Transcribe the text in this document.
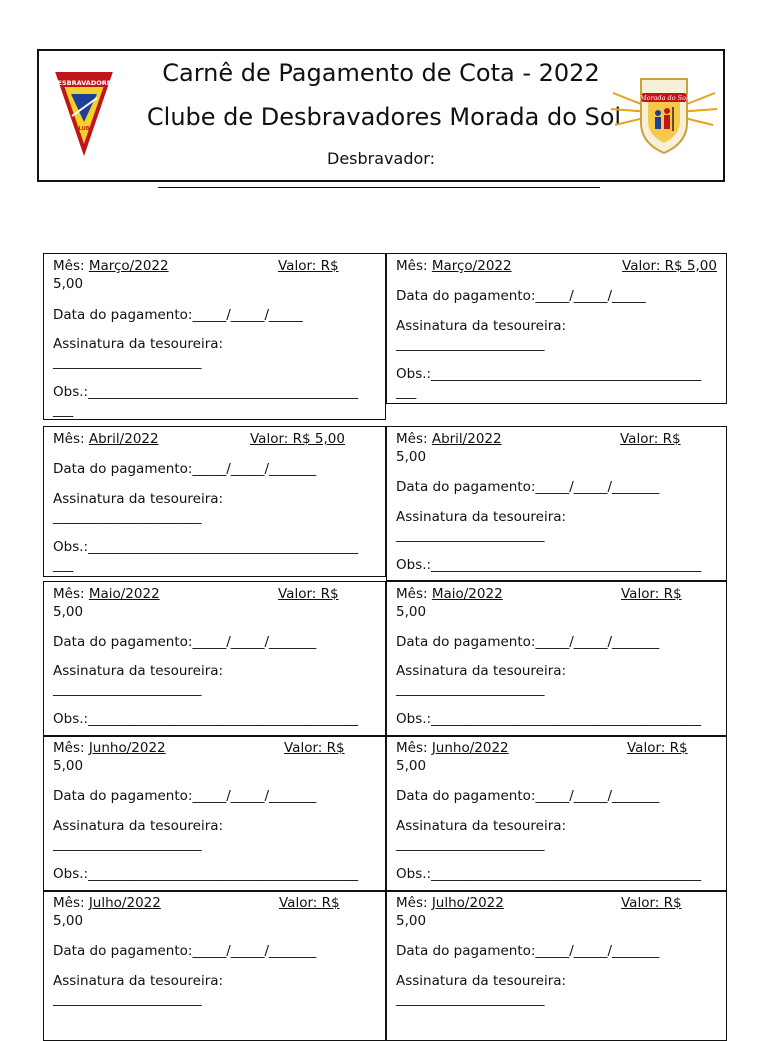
DESBRAVADORES
CLUBE
Carnê de Pagamento de Cota - 2022
Clube de Desbravadores Morada do Sol
Desbravador:
Morada do Sol
Mês: Março/2022	Valor: R$
5,00
Data do pagamento:_____/_____/_____
Assinatura da tesoureira:
______________________
Obs.:________________________________________
___
Mês: Março/2022	Valor: R$ 5,00
Data do pagamento:_____/_____/_____
Assinatura da tesoureira:
______________________
Obs.:________________________________________
___
Mês: Abril/2022	Valor: R$ 5,00
Data do pagamento:_____/_____/_______
Assinatura da tesoureira:
______________________
Obs.:________________________________________
___
Mês: Abril/2022	Valor: R$
5,00
Data do pagamento:_____/_____/_______
Assinatura da tesoureira:
______________________
Obs.:________________________________________
Mês: Maio/2022	Valor: R$
5,00
Data do pagamento:_____/_____/_______
Assinatura da tesoureira:
______________________
Obs.:________________________________________
Mês: Maio/2022	Valor: R$
5,00
Data do pagamento:_____/_____/_______
Assinatura da tesoureira:
______________________
Obs.:________________________________________
Mês: Junho/2022	Valor: R$
5,00
Data do pagamento:_____/_____/_______
Assinatura da tesoureira:
______________________
Obs.:________________________________________
Mês: Junho/2022	Valor: R$
5,00
Data do pagamento:_____/_____/_______
Assinatura da tesoureira:
______________________
Obs.:________________________________________
Mês: Julho/2022	Valor: R$
5,00
Data do pagamento:_____/_____/_______
Assinatura da tesoureira:
______________________
Mês: Julho/2022	Valor: R$
5,00
Data do pagamento:_____/_____/_______
Assinatura da tesoureira:
______________________
